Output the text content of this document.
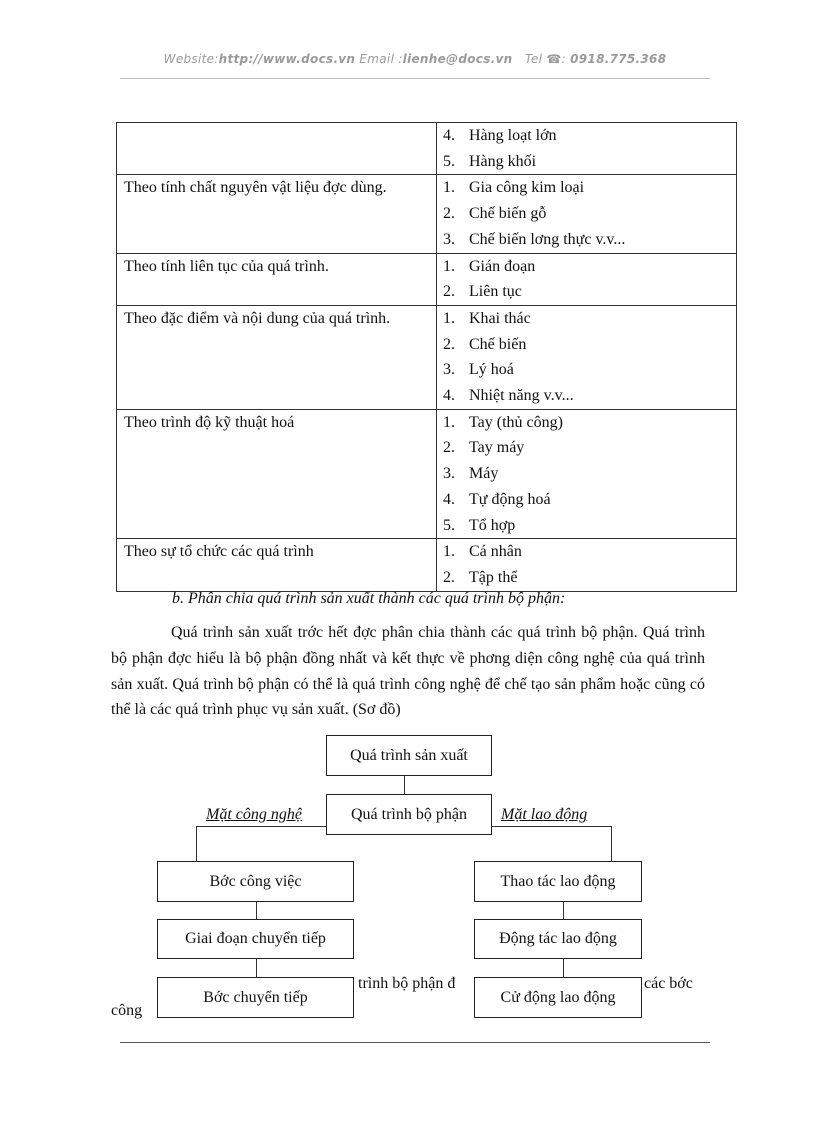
Website:http://www.docs.vn Email :lienhe@docs.vn Tel ☎: 0918.775.368

	4. Hàng loạt lớn
5. Hàng khối

Theo tính chất nguyên vật liệu đợc dùng.	1. Gia công kim loại
2. Chế biến gỗ
3. Chế biến lơng thực v.v...

Theo tính liên tục của quá trình.	1. Gián đoạn
2. Liên tục

Theo đặc điểm và nội dung của quá trình.	1. Khai thác
2. Chế biến
3. Lý hoá
4. Nhiệt năng v.v...

Theo trình độ kỹ thuật hoá	1. Tay (thủ công)
2. Tay máy
3. Máy
4. Tự động hoá
5. Tổ hợp

Theo sự tổ chức các quá trình	1. Cá nhân
2. Tập thể
b. Phân chia quá trình sản xuất thành các quá trình bộ phận:
Quá trình sản xuất trớc hết đợc phân chia thành các quá trình bộ phận. Quá trình bộ phận đợc hiểu là bộ phận đồng nhất và kết thực về phơng diện công nghệ của quá trình sản xuất. Quá trình bộ phận có thể là quá trình công nghệ để chế tạo sản phẩm hoặc cũng có thể là các quá trình phục vụ sản xuất. (Sơ đồ)
trình bộ phận đ	các bớc
công
Mặt công nghệ	Mặt lao động
Quá trình sản xuất
Quá trình bộ phận
Bớc công việc
Giai đoạn chuyển tiếp
Bớc chuyển tiếp
Thao tác lao động
Động tác lao động
Cử động lao động
